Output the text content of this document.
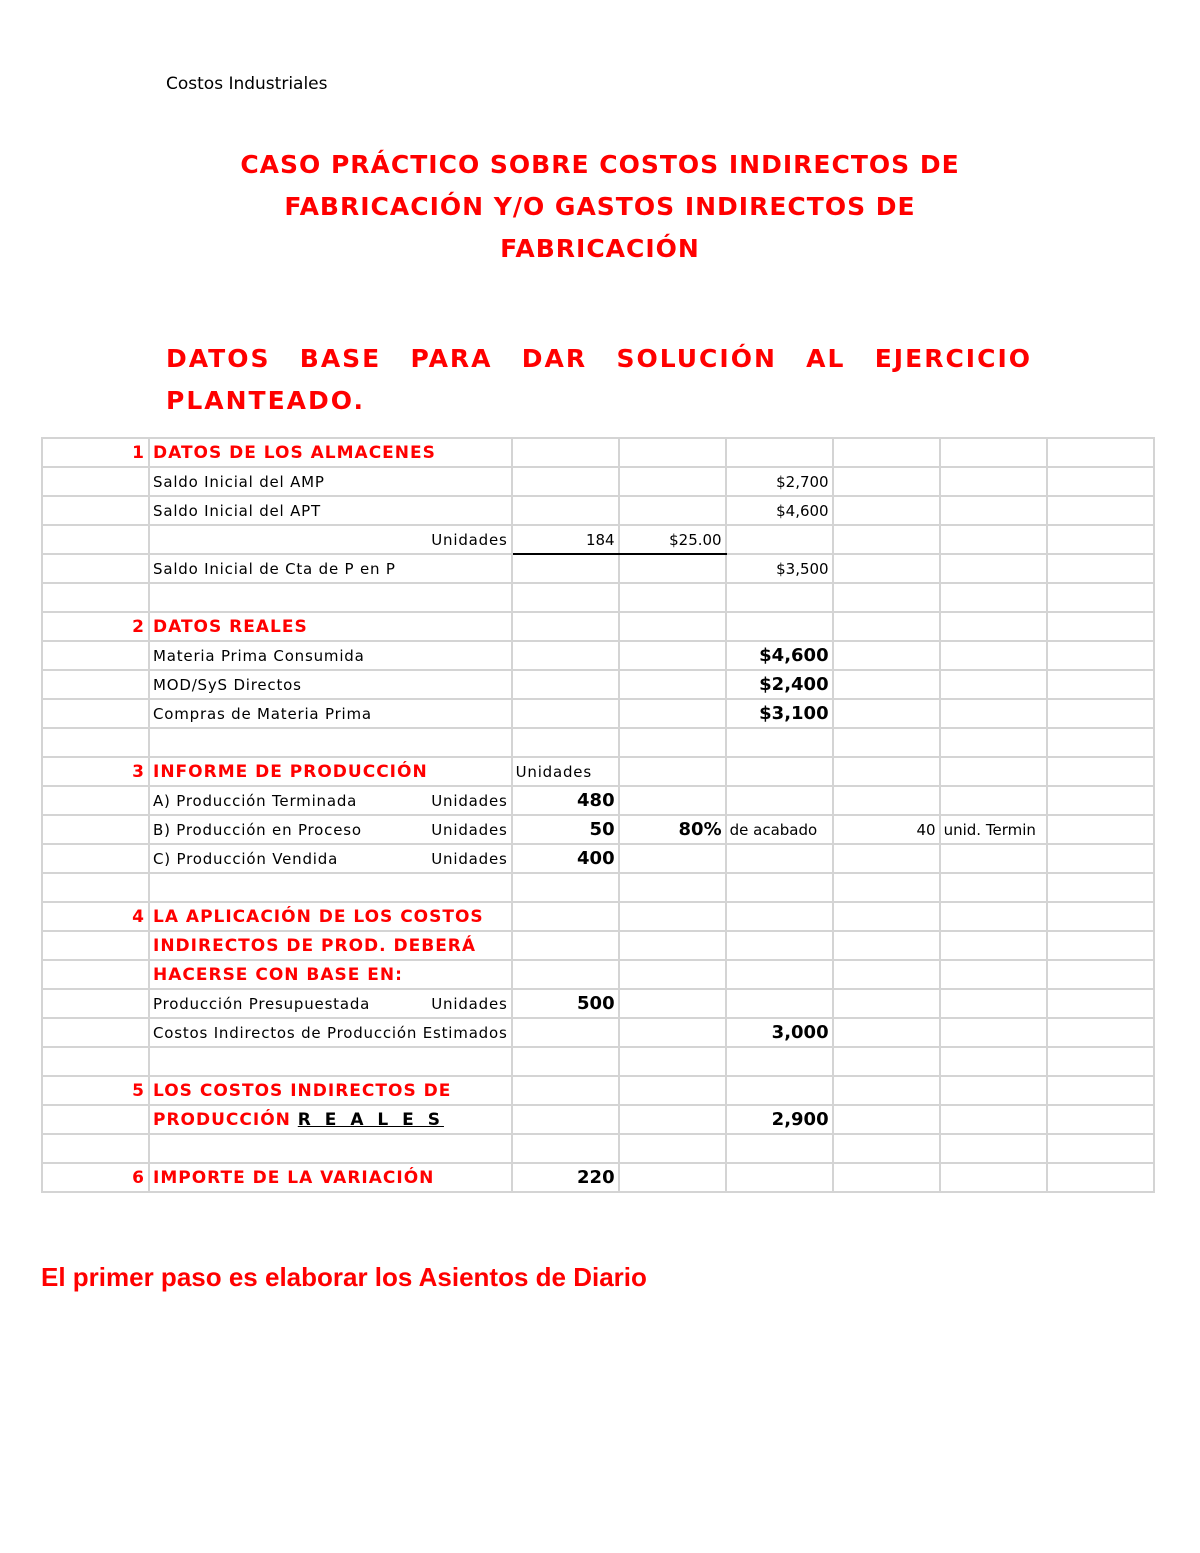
Costos Industriales
CASO PRÁCTICO SOBRE COSTOS INDIRECTOS DE FABRICACIÓN Y/O GASTOS INDIRECTOS DE FABRICACIÓN
DATOS BASE PARA DAR SOLUCIÓN AL EJERCICIO PLANTEADO.
1	DATOS DE LOS ALMACENES						
	Saldo Inicial del AMP			$2,700			
	Saldo Inicial del APT			$4,600			
	Unidades	184	$25.00				
	Saldo Inicial de Cta de P en P			$3,500			

2	DATOS REALES						
	Materia Prima Consumida			$4,600			
	MOD/SyS Directos			$2,400			
	Compras de Materia Prima			$3,100			

3	INFORME DE PRODUCCIÓN	Unidades					

	A) Producción Terminada Unidades	480					

	B) Producción en Proceso Unidades	50	80%	de acabado	40	unid. Termin	

	C) Producción Vendida Unidades	400					

4	LA APLICACIÓN DE LOS COSTOS						
	INDIRECTOS DE PROD. DEBERÁ						
	HACERSE CON BASE EN:						

	Producción Presupuestada Unidades	500					
	Costos Indirectos de Producción Estimados			3,000			

5	LOS COSTOS INDIRECTOS DE						
	PRODUCCIÓN R E A L E S			2,900			

6	IMPORTE DE LA VARIACIÓN	220					
El primer paso es elaborar los Asientos de Diario
